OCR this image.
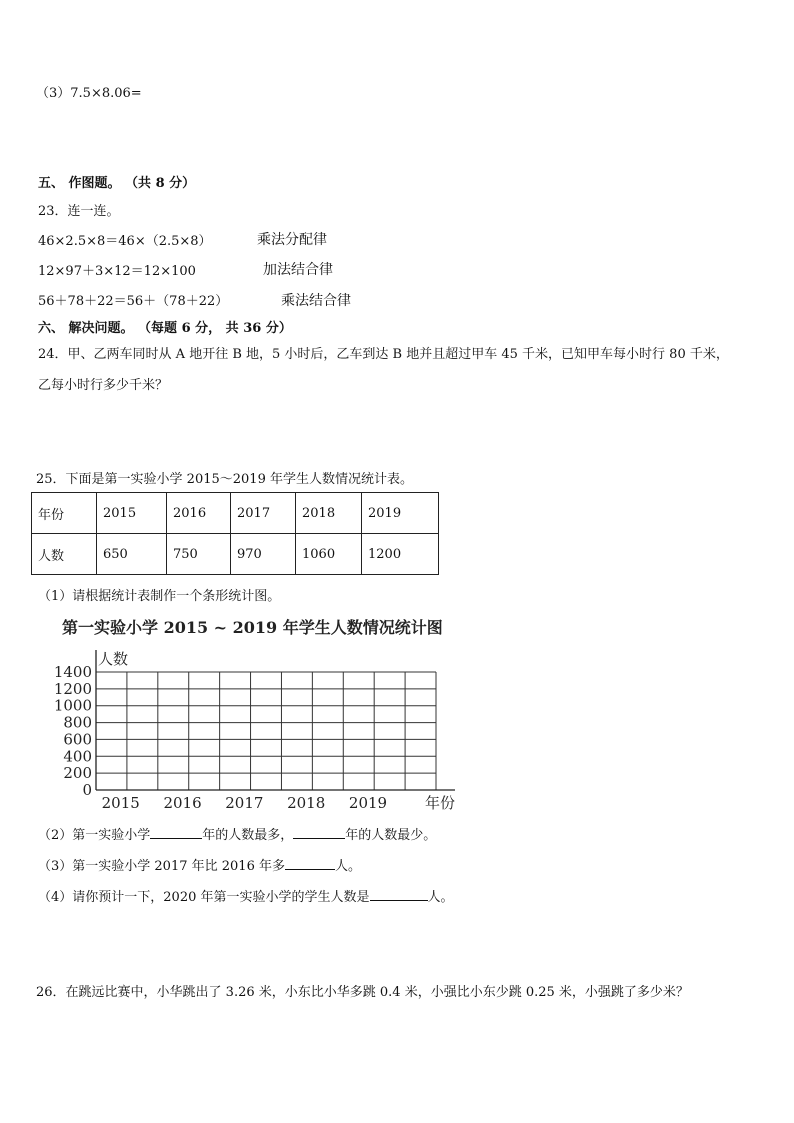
（3）7.5×8.06=
五、 作图题。 （共 8 分）
23．连一连。
46×2.5×8＝46×（2.5×8）	乘法分配律
12×97＋3×12＝12×100	加法结合律
56＋78＋22＝56＋（78＋22）	乘法结合律
六、 解决问题。 （每题 6 分， 共 36 分）
24．甲、乙两车同时从 A 地开往 B 地，5 小时后，乙车到达 B 地并且超过甲车 45 千米，已知甲车每小时行 80 千米，
乙每小时行多少千米？
25．下面是第一实验小学 2015～2019 年学生人数情况统计表。
年份	2015	2016	2017	2018	2019
人数	650	750	970	1060	1200
（1）请根据统计表制作一个条形统计图。
第一实验小学 2015 ~ 2019 年学生人数情况统计图
0
200
400
600
800
1000
1200
1400
人数
2015 2016 2017 2018 2019	年份
（2）第一实验小学	年的人数最多，	年的人数最少。
（3）第一实验小学 2017 年比 2016 年多	人。
（4）请你预计一下，2020 年第一实验小学的学生人数是	人。
26．在跳远比赛中，小华跳出了 3.26 米，小东比小华多跳 0.4 米，小强比小东少跳 0.25 米，小强跳了多少米？
